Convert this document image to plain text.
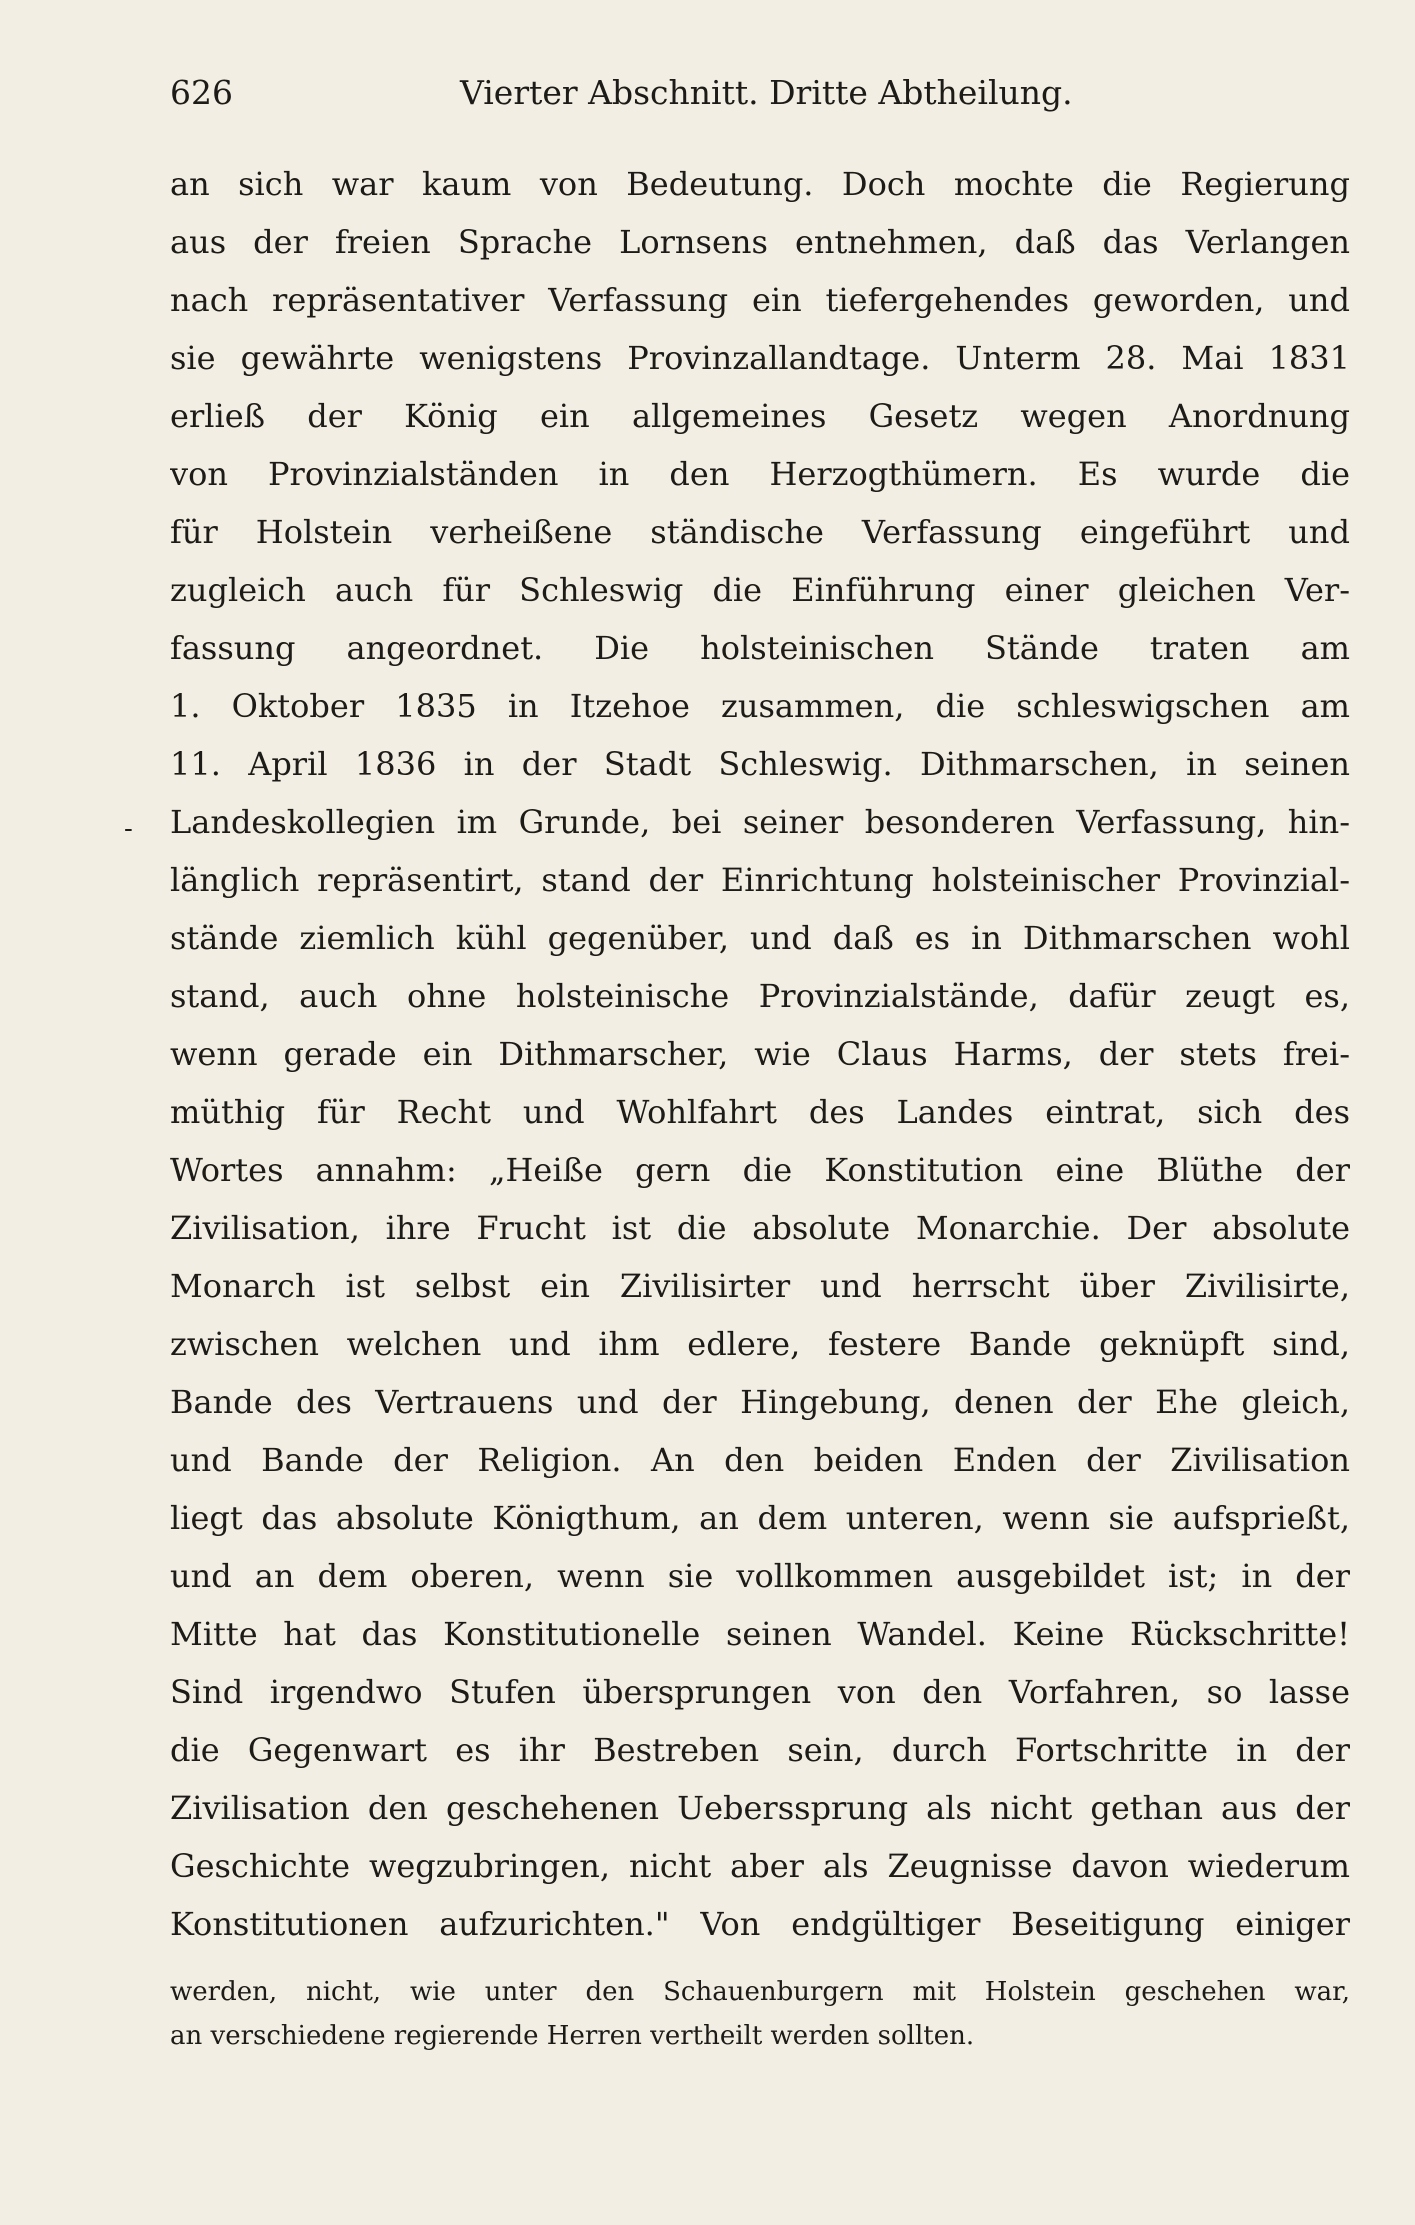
626	Vierter Abschnitt. Dritte Abtheilung.
-
an sich war kaum von Bedeutung. Doch mochte die Regierung
aus der freien Sprache Lornsens entnehmen, daß das Verlangen
nach repräsentativer Verfassung ein tiefergehendes geworden, und
sie gewährte wenigstens Provinzallandtage. Unterm 28. Mai 1831
erließ der König ein allgemeines Gesetz wegen Anordnung
von Provinzialständen in den Herzogthümern. Es wurde die
für Holstein verheißene ständische Verfassung eingeführt und
zugleich auch für Schleswig die Einführung einer gleichen Ver-
fassung angeordnet. Die holsteinischen Stände traten am
1. Oktober 1835 in Itzehoe zusammen, die schleswigschen am
11. April 1836 in der Stadt Schleswig. Dithmarschen, in seinen
Landeskollegien im Grunde, bei seiner besonderen Verfassung, hin-
länglich repräsentirt, stand der Einrichtung holsteinischer Provinzial-
stände ziemlich kühl gegenüber, und daß es in Dithmarschen wohl
stand, auch ohne holsteinische Provinzialstände, dafür zeugt es,
wenn gerade ein Dithmarscher, wie Claus Harms, der stets frei-
müthig für Recht und Wohlfahrt des Landes eintrat, sich des
Wortes annahm: „Heiße gern die Konstitution eine Blüthe der
Zivilisation, ihre Frucht ist die absolute Monarchie. Der absolute
Monarch ist selbst ein Zivilisirter und herrscht über Zivilisirte,
zwischen welchen und ihm edlere, festere Bande geknüpft sind,
Bande des Vertrauens und der Hingebung, denen der Ehe gleich,
und Bande der Religion. An den beiden Enden der Zivilisation
liegt das absolute Königthum, an dem unteren, wenn sie aufsprießt,
und an dem oberen, wenn sie vollkommen ausgebildet ist; in der
Mitte hat das Konstitutionelle seinen Wandel. Keine Rückschritte!
Sind irgendwo Stufen übersprungen von den Vorfahren, so lasse
die Gegenwart es ihr Bestreben sein, durch Fortschritte in der
Zivilisation den geschehenen Ueberssprung als nicht gethan aus der
Geschichte wegzubringen, nicht aber als Zeugnisse davon wiederum
Konstitutionen aufzurichten." Von endgültiger Beseitigung einiger
werden, nicht, wie unter den Schauenburgern mit Holstein geschehen war,
an verschiedene regierende Herren vertheilt werden sollten.
